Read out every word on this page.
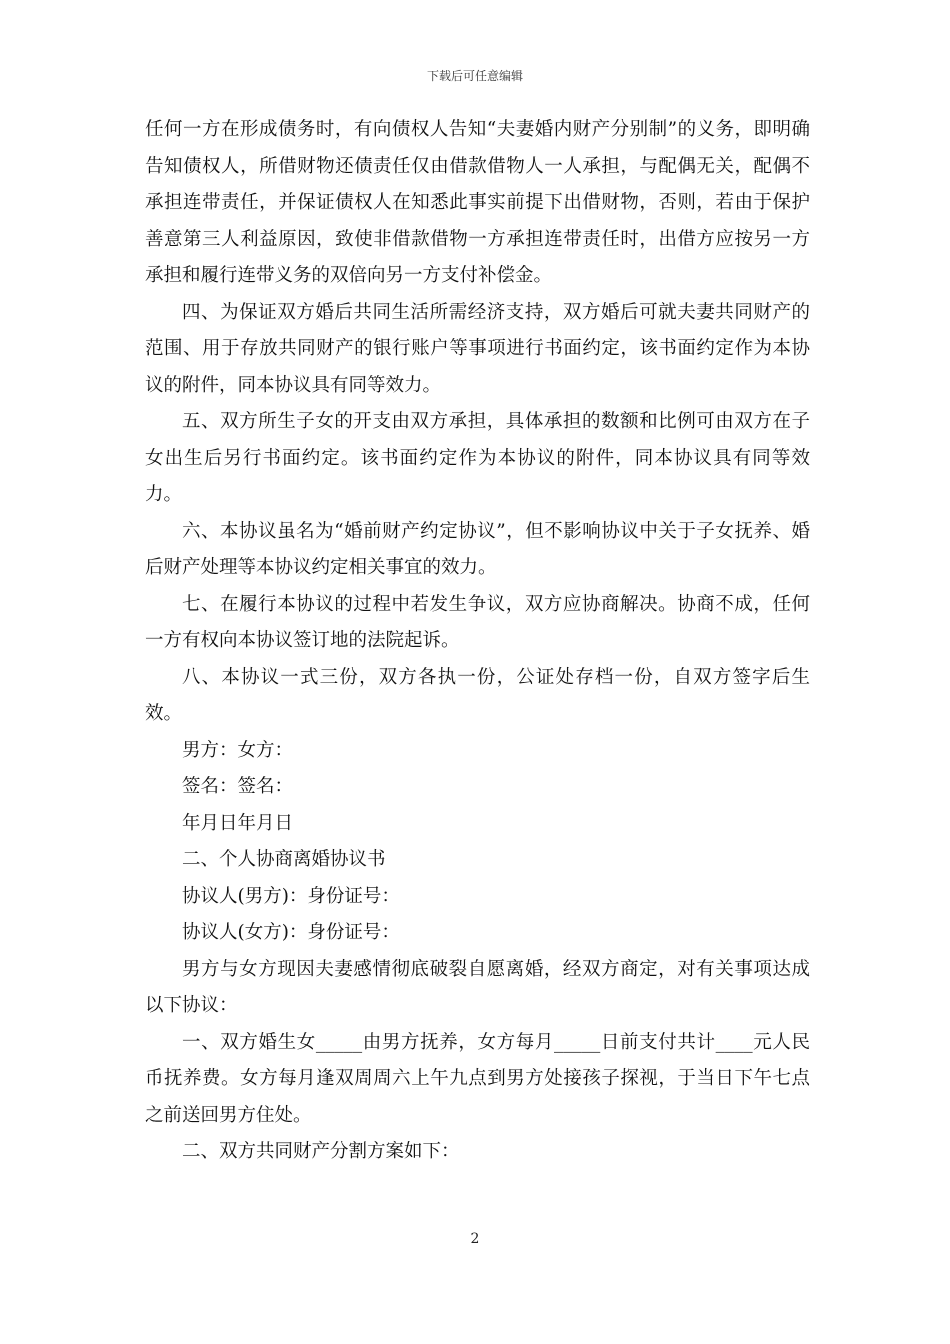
下载后可任意编辑

任何一方在形成债务时，有向债权人告知“夫妻婚内财产分别制”的义务，即明确告知债权人，所借财物还债责任仅由借款借物人一人承担，与配偶无关，配偶不承担连带责任，并保证债权人在知悉此事实前提下出借财物，否则，若由于保护善意第三人利益原因，致使非借款借物一方承担连带责任时，出借方应按另一方承担和履行连带义务的双倍向另一方支付补偿金。

四、为保证双方婚后共同生活所需经济支持，双方婚后可就夫妻共同财产的范围、用于存放共同财产的银行账户等事项进行书面约定，该书面约定作为本协议的附件，同本协议具有同等效力。

五、双方所生子女的开支由双方承担，具体承担的数额和比例可由双方在子女出生后另行书面约定。该书面约定作为本协议的附件，同本协议具有同等效力。

六、本协议虽名为“婚前财产约定协议”，但不影响协议中关于子女抚养、婚后财产处理等本协议约定相关事宜的效力。

七、在履行本协议的过程中若发生争议，双方应协商解决。协商不成，任何一方有权向本协议签订地的法院起诉。

八、本协议一式三份，双方各执一份，公证处存档一份，自双方签字后生效。

男方：女方：

签名：签名：

年月日年月日

二、个人协商离婚协议书

协议人(男方)：身份证号：

协议人(女方)：身份证号：

男方与女方现因夫妻感情彻底破裂自愿离婚，经双方商定，对有关事项达成以下协议：

一、双方婚生女_____由男方抚养，女方每月_____日前支付共计____元人民币抚养费。女方每月逢双周周六上午九点到男方处接孩子探视，于当日下午七点之前送回男方住处。

二、双方共同财产分割方案如下：

2
